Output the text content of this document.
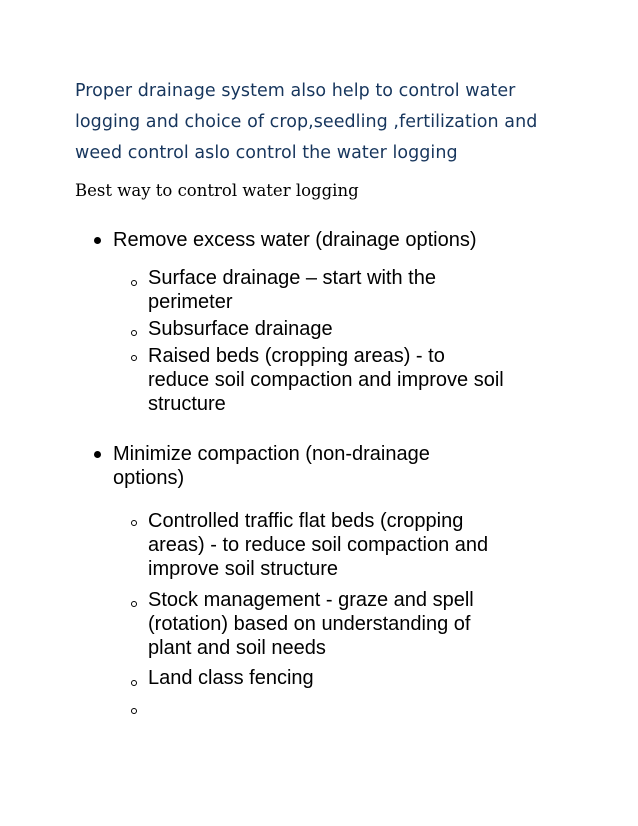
Proper drainage system also help to control water
logging and choice of crop,seedling ,fertilization and
weed control aslo control the water logging

Best way to control water logging
Remove excess water (drainage options)
Surface drainage – start with the
perimeter
Subsurface drainage
Raised beds (cropping areas) - to
reduce soil compaction and improve soil
structure
Minimize compaction (non-drainage
options)
Controlled traffic flat beds (cropping
areas) - to reduce soil compaction and
improve soil structure
Stock management - graze and spell
(rotation) based on understanding of
plant and soil needs
Land class fencing
